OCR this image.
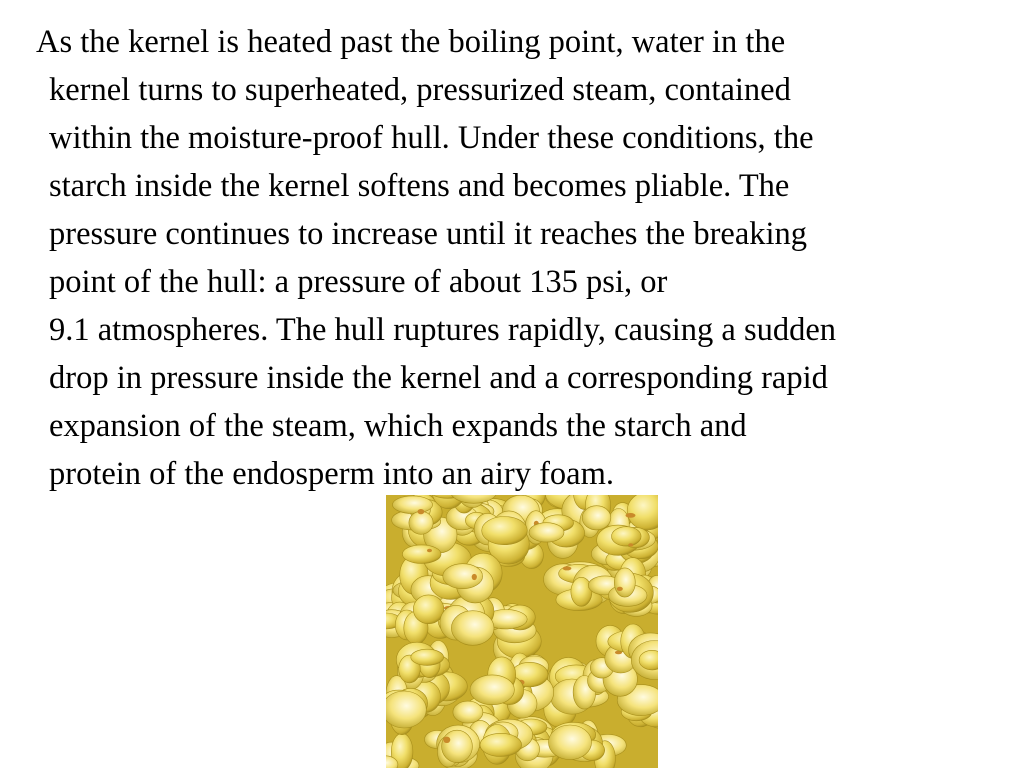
As the kernel is heated past the boiling point, water in the
kernel turns to superheated, pressurized steam, contained
within the moisture-proof hull. Under these conditions, the
starch inside the kernel softens and becomes pliable. The
pressure continues to increase until it reaches the breaking
point of the hull: a pressure of about 135 psi, or
9.1 atmospheres. The hull ruptures rapidly, causing a sudden
drop in pressure inside the kernel and a corresponding rapid
expansion of the steam, which expands the starch and
protein of the endosperm into an airy foam.
